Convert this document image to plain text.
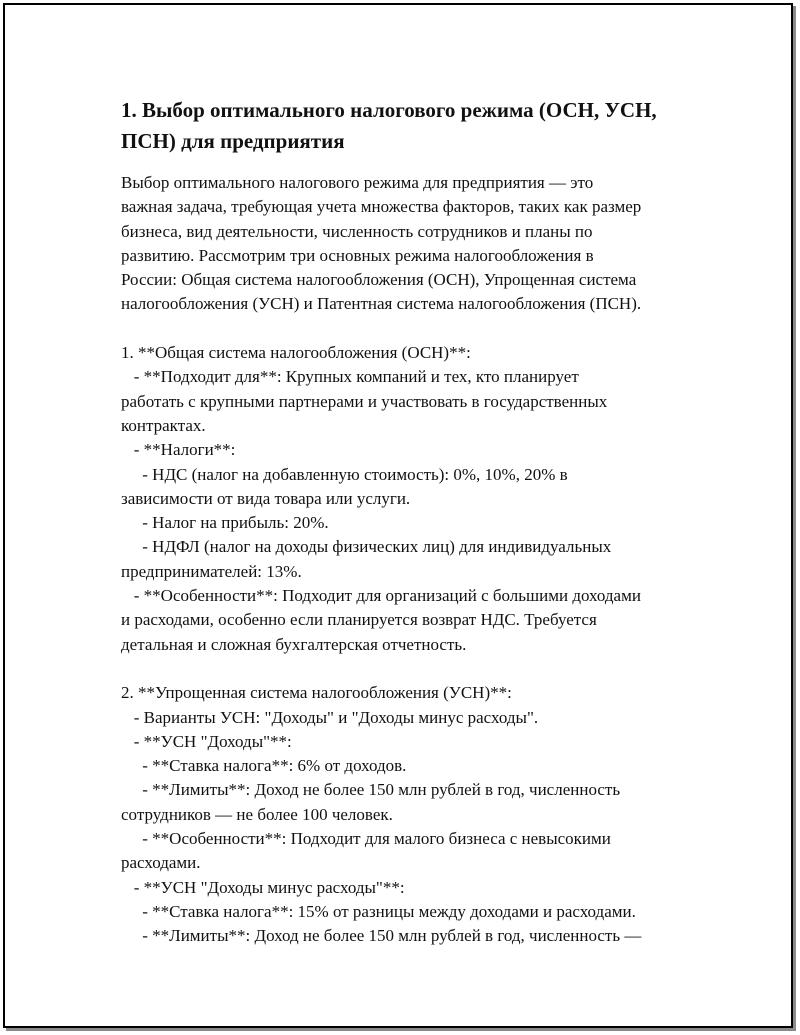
1. Выбор оптимального налогового режима (ОСН, УСН,
ПСН) для предприятия
Выбор оптимального налогового режима для предприятия — это
важная задача, требующая учета множества факторов, таких как размер
бизнеса, вид деятельности, численность сотрудников и планы по
развитию. Рассмотрим три основных режима налогообложения в
России: Общая система налогообложения (ОСН), Упрощенная система
налогообложения (УСН) и Патентная система налогообложения (ПСН).
1. **Общая система налогообложения (ОСН)**:
- **Подходит для**: Крупных компаний и тех, кто планирует
работать с крупными партнерами и участвовать в государственных
контрактах.
- **Налоги**:
- НДС (налог на добавленную стоимость): 0%, 10%, 20% в
зависимости от вида товара или услуги.
- Налог на прибыль: 20%.
- НДФЛ (налог на доходы физических лиц) для индивидуальных
предпринимателей: 13%.
- **Особенности**: Подходит для организаций с большими доходами
и расходами, особенно если планируется возврат НДС. Требуется
детальная и сложная бухгалтерская отчетность.
2. **Упрощенная система налогообложения (УСН)**:
- Варианты УСН: "Доходы" и "Доходы минус расходы".
- **УСН "Доходы"**:
- **Ставка налога**: 6% от доходов.
- **Лимиты**: Доход не более 150 млн рублей в год, численность
сотрудников — не более 100 человек.
- **Особенности**: Подходит для малого бизнеса с невысокими
расходами.
- **УСН "Доходы минус расходы"**:
- **Ставка налога**: 15% от разницы между доходами и расходами.
- **Лимиты**: Доход не более 150 млн рублей в год, численность —
